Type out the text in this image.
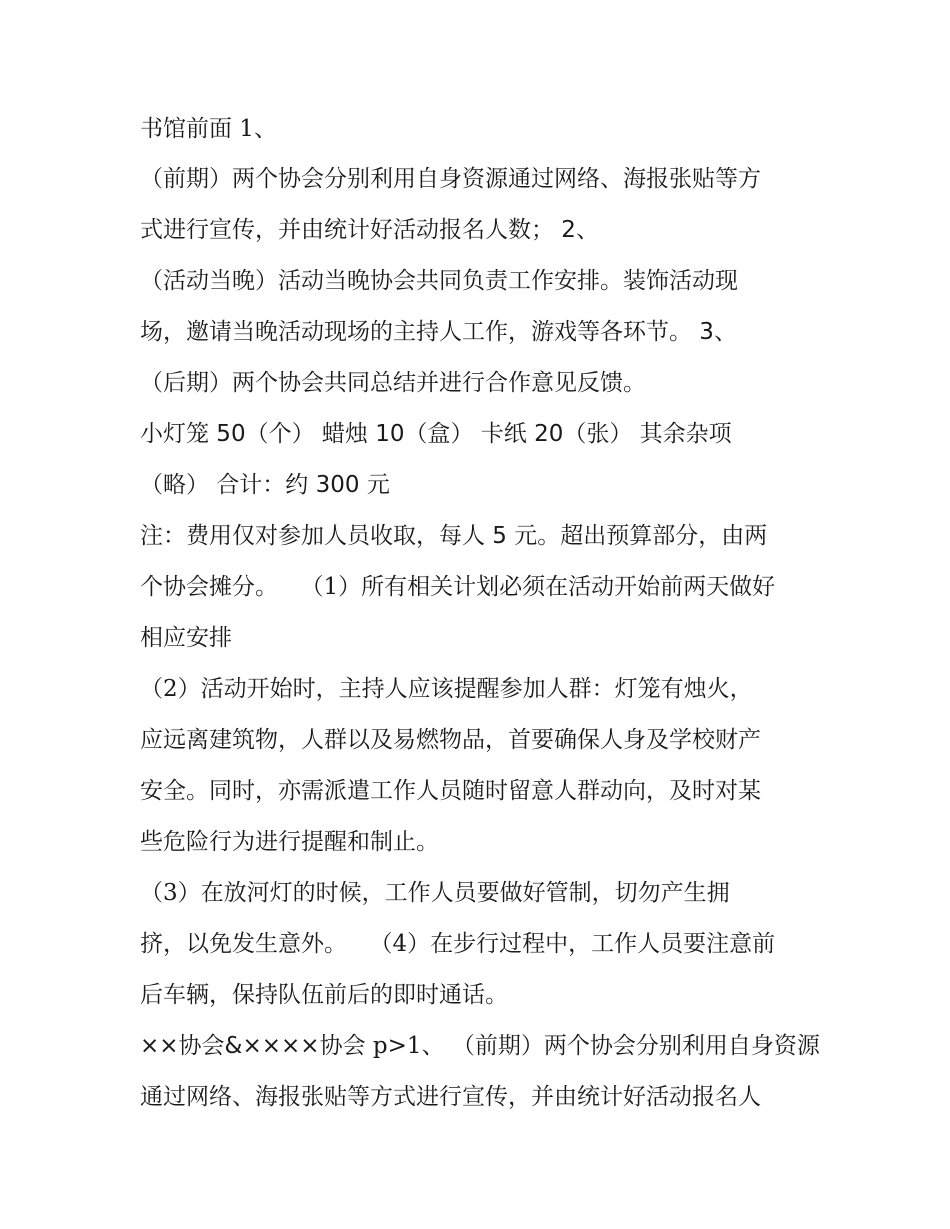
书馆前面 1、

（前期）两个协会分别利用自身资源通过网络、海报张贴等方

式进行宣传，并由统计好活动报名人数； 2、

（活动当晚）活动当晚协会共同负责工作安排。装饰活动现

场，邀请当晚活动现场的主持人工作，游戏等各环节。 3、

（后期）两个协会共同总结并进行合作意见反馈。

小灯笼 50（个） 蜡烛 10（盒） 卡纸 20（张） 其余杂项

（略） 合计：约 300 元

注：费用仅对参加人员收取，每人 5 元。超出预算部分，由两

个协会摊分。 （1）所有相关计划必须在活动开始前两天做好

相应安排

（2）活动开始时，主持人应该提醒参加人群：灯笼有烛火，

应远离建筑物，人群以及易燃物品，首要确保人身及学校财产

安全。同时，亦需派遣工作人员随时留意人群动向，及时对某

些危险行为进行提醒和制止。

（3）在放河灯的时候，工作人员要做好管制，切勿产生拥

挤，以免发生意外。 （4）在步行过程中，工作人员要注意前

后车辆，保持队伍前后的即时通话。

××协会&××××协会 p>1、 （前期）两个协会分别利用自身资源

通过网络、海报张贴等方式进行宣传，并由统计好活动报名人
